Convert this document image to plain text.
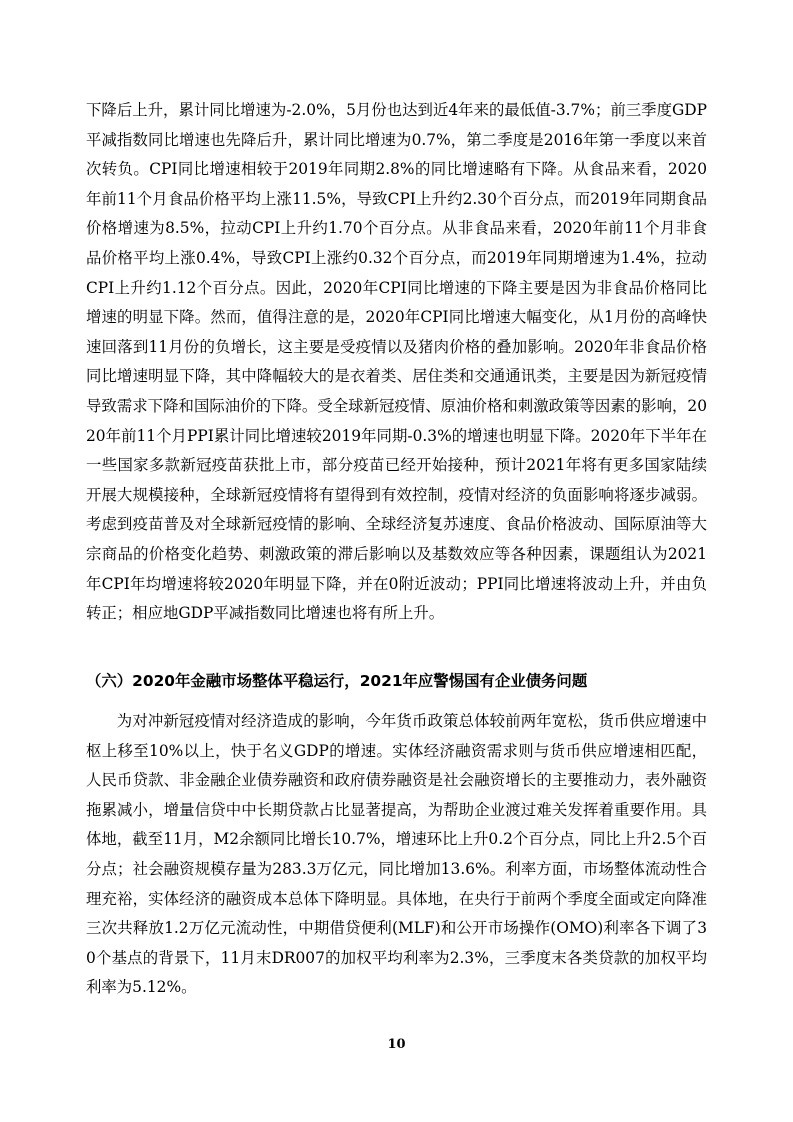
下降后上升，累计同比增速为-2.0%，5月份也达到近4年来的最低值-3.7%；前三季度GDP平减指数同比增速也先降后升，累计同比增速为0.7%，第二季度是2016年第一季度以来首次转负。CPI同比增速相较于2019年同期2.8%的同比增速略有下降。从食品来看，2020年前11个月食品价格平均上涨11.5%，导致CPI上升约2.30个百分点，而2019年同期食品价格增速为8.5%，拉动CPI上升约1.70个百分点。从非食品来看，2020年前11个月非食品价格平均上涨0.4%，导致CPI上涨约0.32个百分点，而2019年同期增速为1.4%，拉动CPI上升约1.12个百分点。因此，2020年CPI同比增速的下降主要是因为非食品价格同比增速的明显下降。然而，值得注意的是，2020年CPI同比增速大幅变化，从1月份的高峰快速回落到11月份的负增长，这主要是受疫情以及猪肉价格的叠加影响。2020年非食品价格同比增速明显下降，其中降幅较大的是衣着类、居住类和交通通讯类，主要是因为新冠疫情导致需求下降和国际油价的下降。受全球新冠疫情、原油价格和刺激政策等因素的影响，2020年前11个月PPI累计同比增速较2019年同期-0.3%的增速也明显下降。2020年下半年在一些国家多款新冠疫苗获批上市，部分疫苗已经开始接种，预计2021年将有更多国家陆续开展大规模接种，全球新冠疫情将有望得到有效控制，疫情对经济的负面影响将逐步减弱。考虑到疫苗普及对全球新冠疫情的影响、全球经济复苏速度、食品价格波动、国际原油等大宗商品的价格变化趋势、刺激政策的滞后影响以及基数效应等各种因素，课题组认为2021年CPI年均增速将较2020年明显下降，并在0附近波动；PPI同比增速将波动上升，并由负转正；相应地GDP平减指数同比增速也将有所上升。

（六）2020年金融市场整体平稳运行，2021年应警惕国有企业债务问题

为对冲新冠疫情对经济造成的影响，今年货币政策总体较前两年宽松，货币供应增速中枢上移至10%以上，快于名义GDP的增速。实体经济融资需求则与货币供应增速相匹配，人民币贷款、非金融企业债券融资和政府债券融资是社会融资增长的主要推动力，表外融资拖累减小，增量信贷中中长期贷款占比显著提高，为帮助企业渡过难关发挥着重要作用。具体地，截至11月，M2余额同比增长10.7%，增速环比上升0.2个百分点，同比上升2.5个百分点；社会融资规模存量为283.3万亿元，同比增加13.6%。利率方面，市场整体流动性合理充裕，实体经济的融资成本总体下降明显。具体地，在央行于前两个季度全面或定向降准三次共释放1.2万亿元流动性，中期借贷便利(MLF)和公开市场操作(OMO)利率各下调了30个基点的背景下，11月末DR007的加权平均利率为2.3%，三季度末各类贷款的加权平均利率为5.12%。

10
